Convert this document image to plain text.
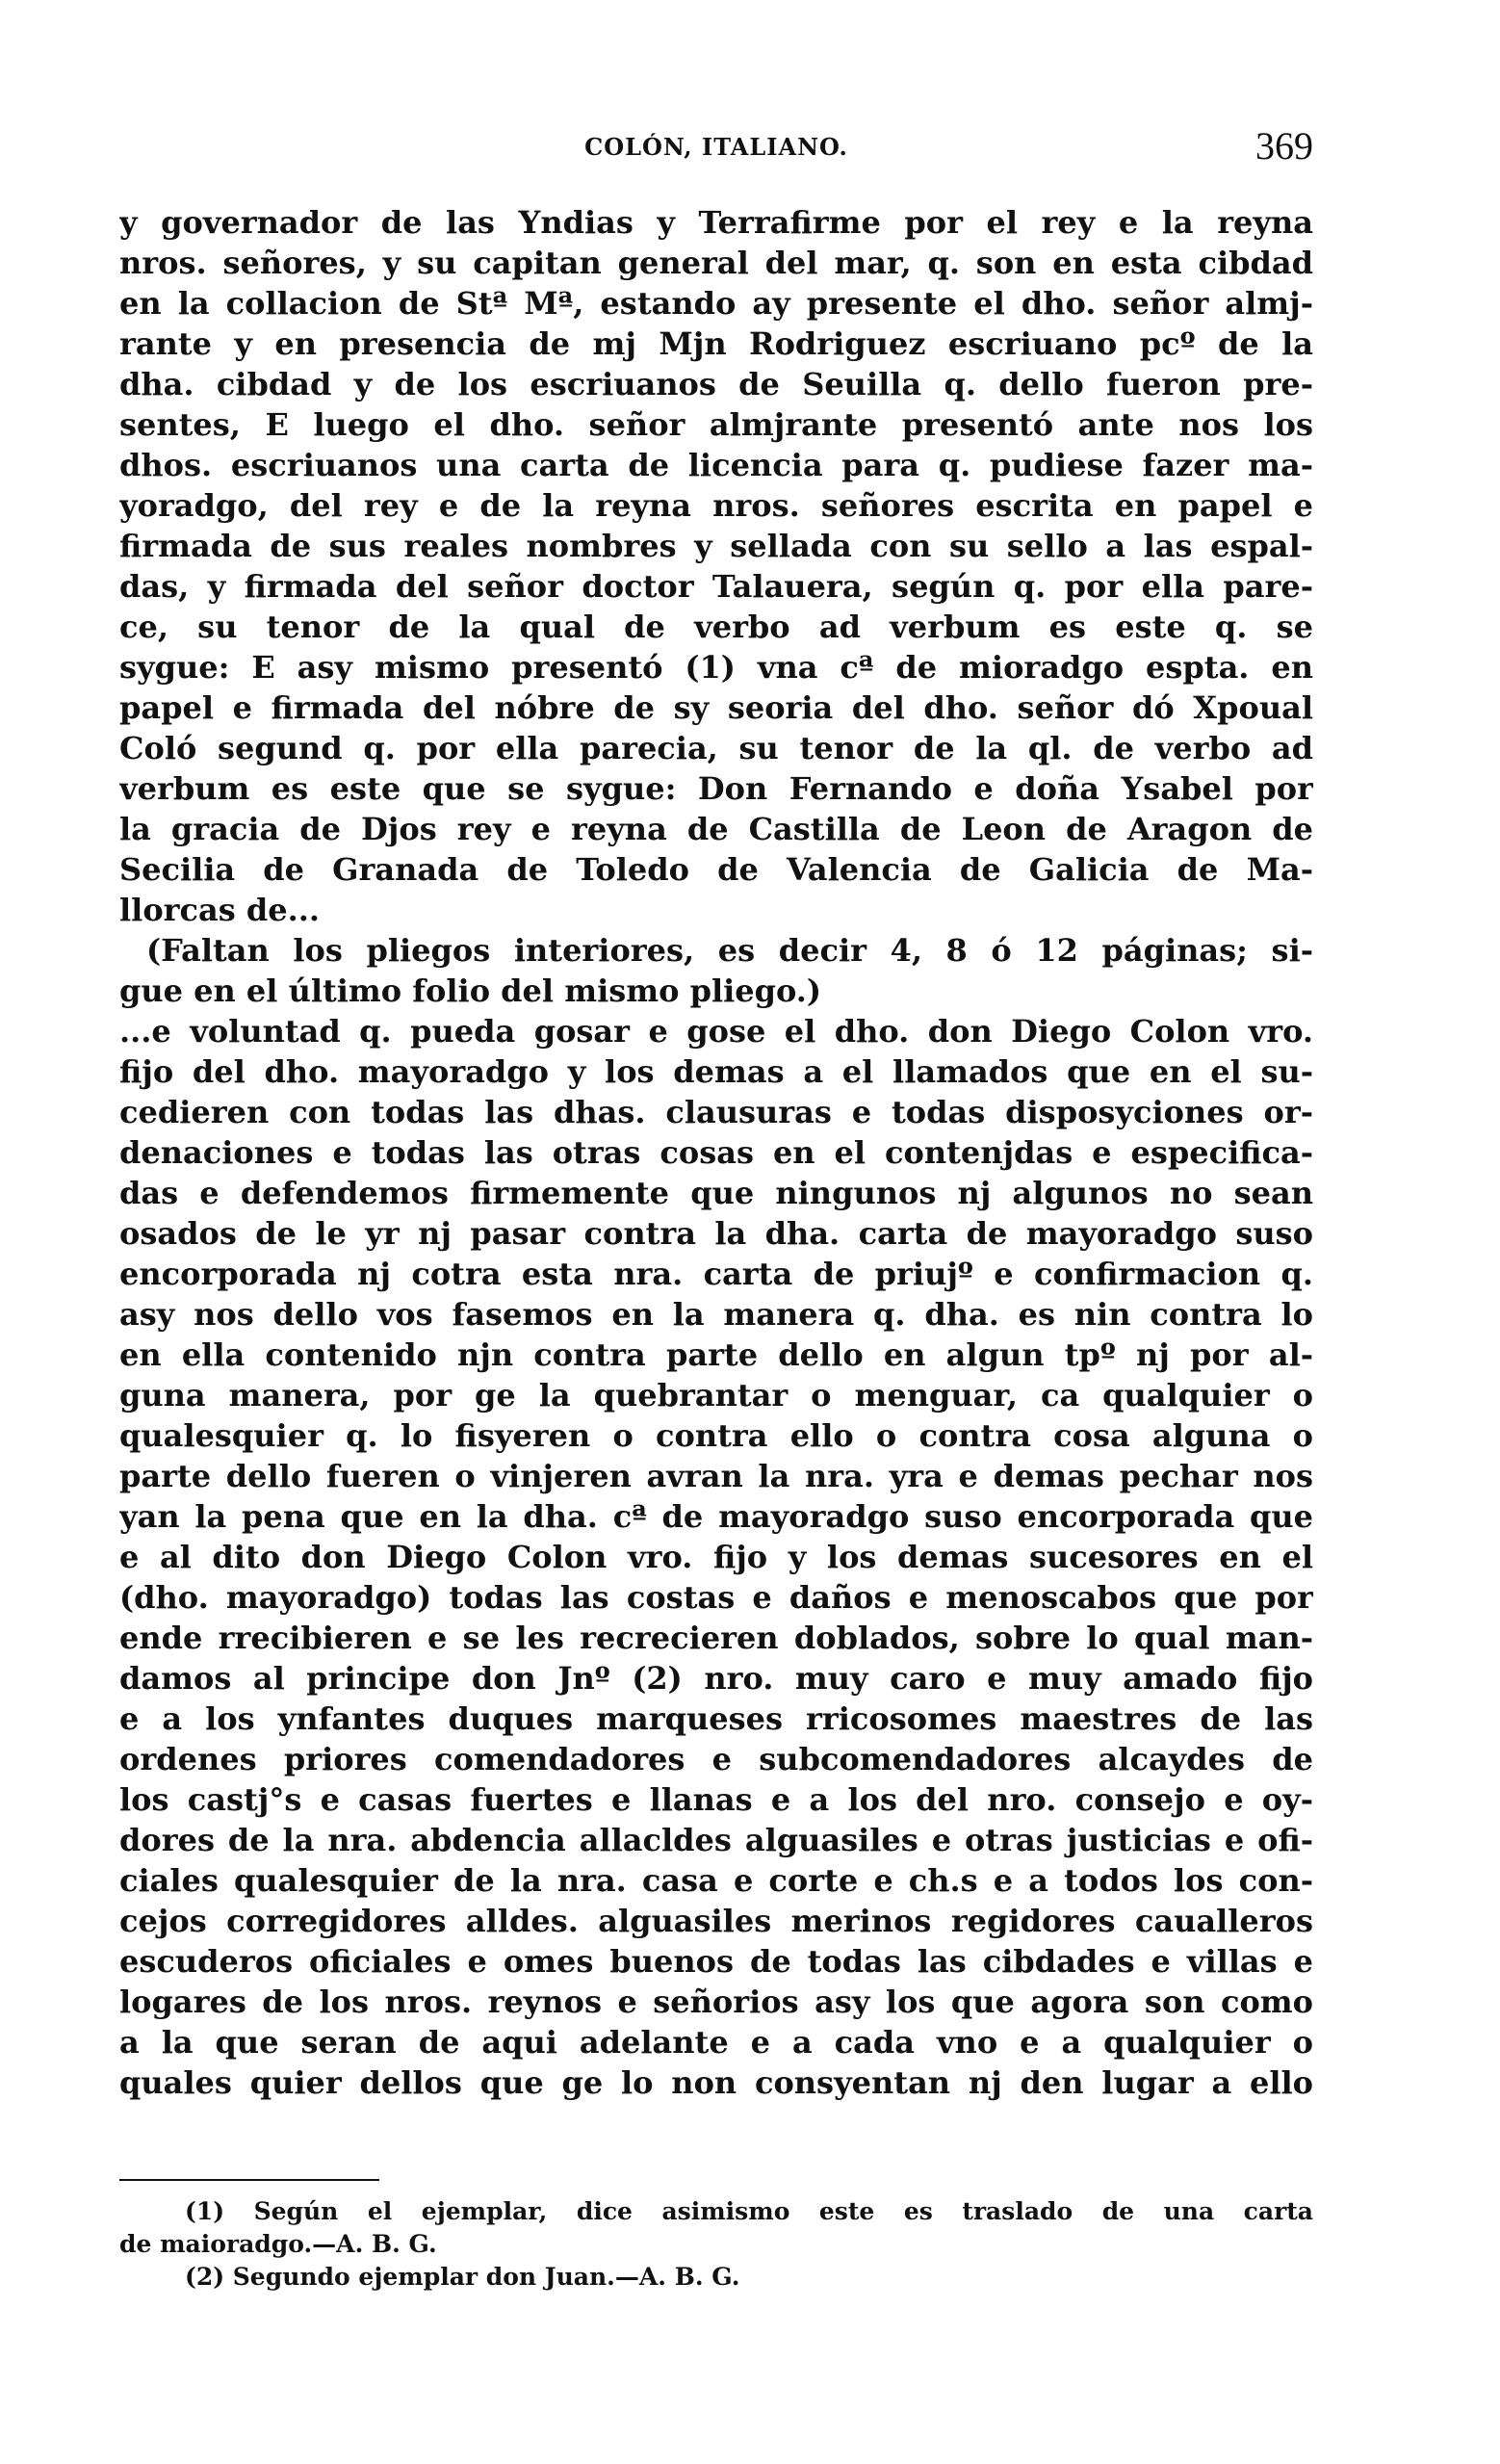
COLÓN, ITALIANO.	369
y governador de las Yndias y Terrafirme por el rey e la reyna
nros. señores, y su capitan general del mar, q. son en esta cibdad
en la collacion de Stª Mª, estando ay presente el dho. señor almj-
rante y en presencia de mj Mjn Rodriguez escriuano pcº de la
dha. cibdad y de los escriuanos de Seuilla q. dello fueron pre-
sentes, E luego el dho. señor almjrante presentó ante nos los
dhos. escriuanos una carta de licencia para q. pudiese fazer ma-
yoradgo, del rey e de la reyna nros. señores escrita en papel e
firmada de sus reales nombres y sellada con su sello a las espal-
das, y firmada del señor doctor Talauera, según q. por ella pare-
ce, su tenor de la qual de verbo ad verbum es este q. se
sygue: E asy mismo presentó (1) vna cª de mioradgo espta. en
papel e firmada del nóbre de sy seoria del dho. señor dó Xpoual
Coló segund q. por ella parecia, su tenor de la ql. de verbo ad
verbum es este que se sygue: Don Fernando e doña Ysabel por
la gracia de Djos rey e reyna de Castilla de Leon de Aragon de
Secilia de Granada de Toledo de Valencia de Galicia de Ma-
llorcas de...
(Faltan los pliegos interiores, es decir 4, 8 ó 12 páginas; si-
gue en el último folio del mismo pliego.)
...e voluntad q. pueda gosar e gose el dho. don Diego Colon vro.
fijo del dho. mayoradgo y los demas a el llamados que en el su-
cedieren con todas las dhas. clausuras e todas disposyciones or-
denaciones e todas las otras cosas en el contenjdas e especifica-
das e defendemos firmemente que ningunos nj algunos no sean
osados de le yr nj pasar contra la dha. carta de mayoradgo suso
encorporada nj cotra esta nra. carta de priujº e confirmacion q.
asy nos dello vos fasemos en la manera q. dha. es nin contra lo
en ella contenido njn contra parte dello en algun tpº nj por al-
guna manera, por ge la quebrantar o menguar, ca qualquier o
qualesquier q. lo fisyeren o contra ello o contra cosa alguna o
parte dello fueren o vinjeren avran la nra. yra e demas pechar nos
yan la pena que en la dha. cª de mayoradgo suso encorporada que
e al dito don Diego Colon vro. fijo y los demas sucesores en el
(dho. mayoradgo) todas las costas e daños e menoscabos que por
ende rrecibieren e se les recrecieren doblados, sobre lo qual man-
damos al principe don Jnº (2) nro. muy caro e muy amado fijo
e a los ynfantes duques marqueses rricosomes maestres de las
ordenes priores comendadores e subcomendadores alcaydes de
los castj°s e casas fuertes e llanas e a los del nro. consejo e oy-
dores de la nra. abdencia allacldes alguasiles e otras justicias e ofi-
ciales qualesquier de la nra. casa e corte e ch.s e a todos los con-
cejos corregidores alldes. alguasiles merinos regidores caualleros
escuderos oficiales e omes buenos de todas las cibdades e villas e
logares de los nros. reynos e señorios asy los que agora son como
a la que seran de aqui adelante e a cada vno e a qualquier o
quales quier dellos que ge lo non consyentan nj den lugar a ello
(1) Según el ejemplar, dice asimismo este es traslado de una carta
de maioradgo.—A. B. G.
(2) Segundo ejemplar don Juan.—A. B. G.
